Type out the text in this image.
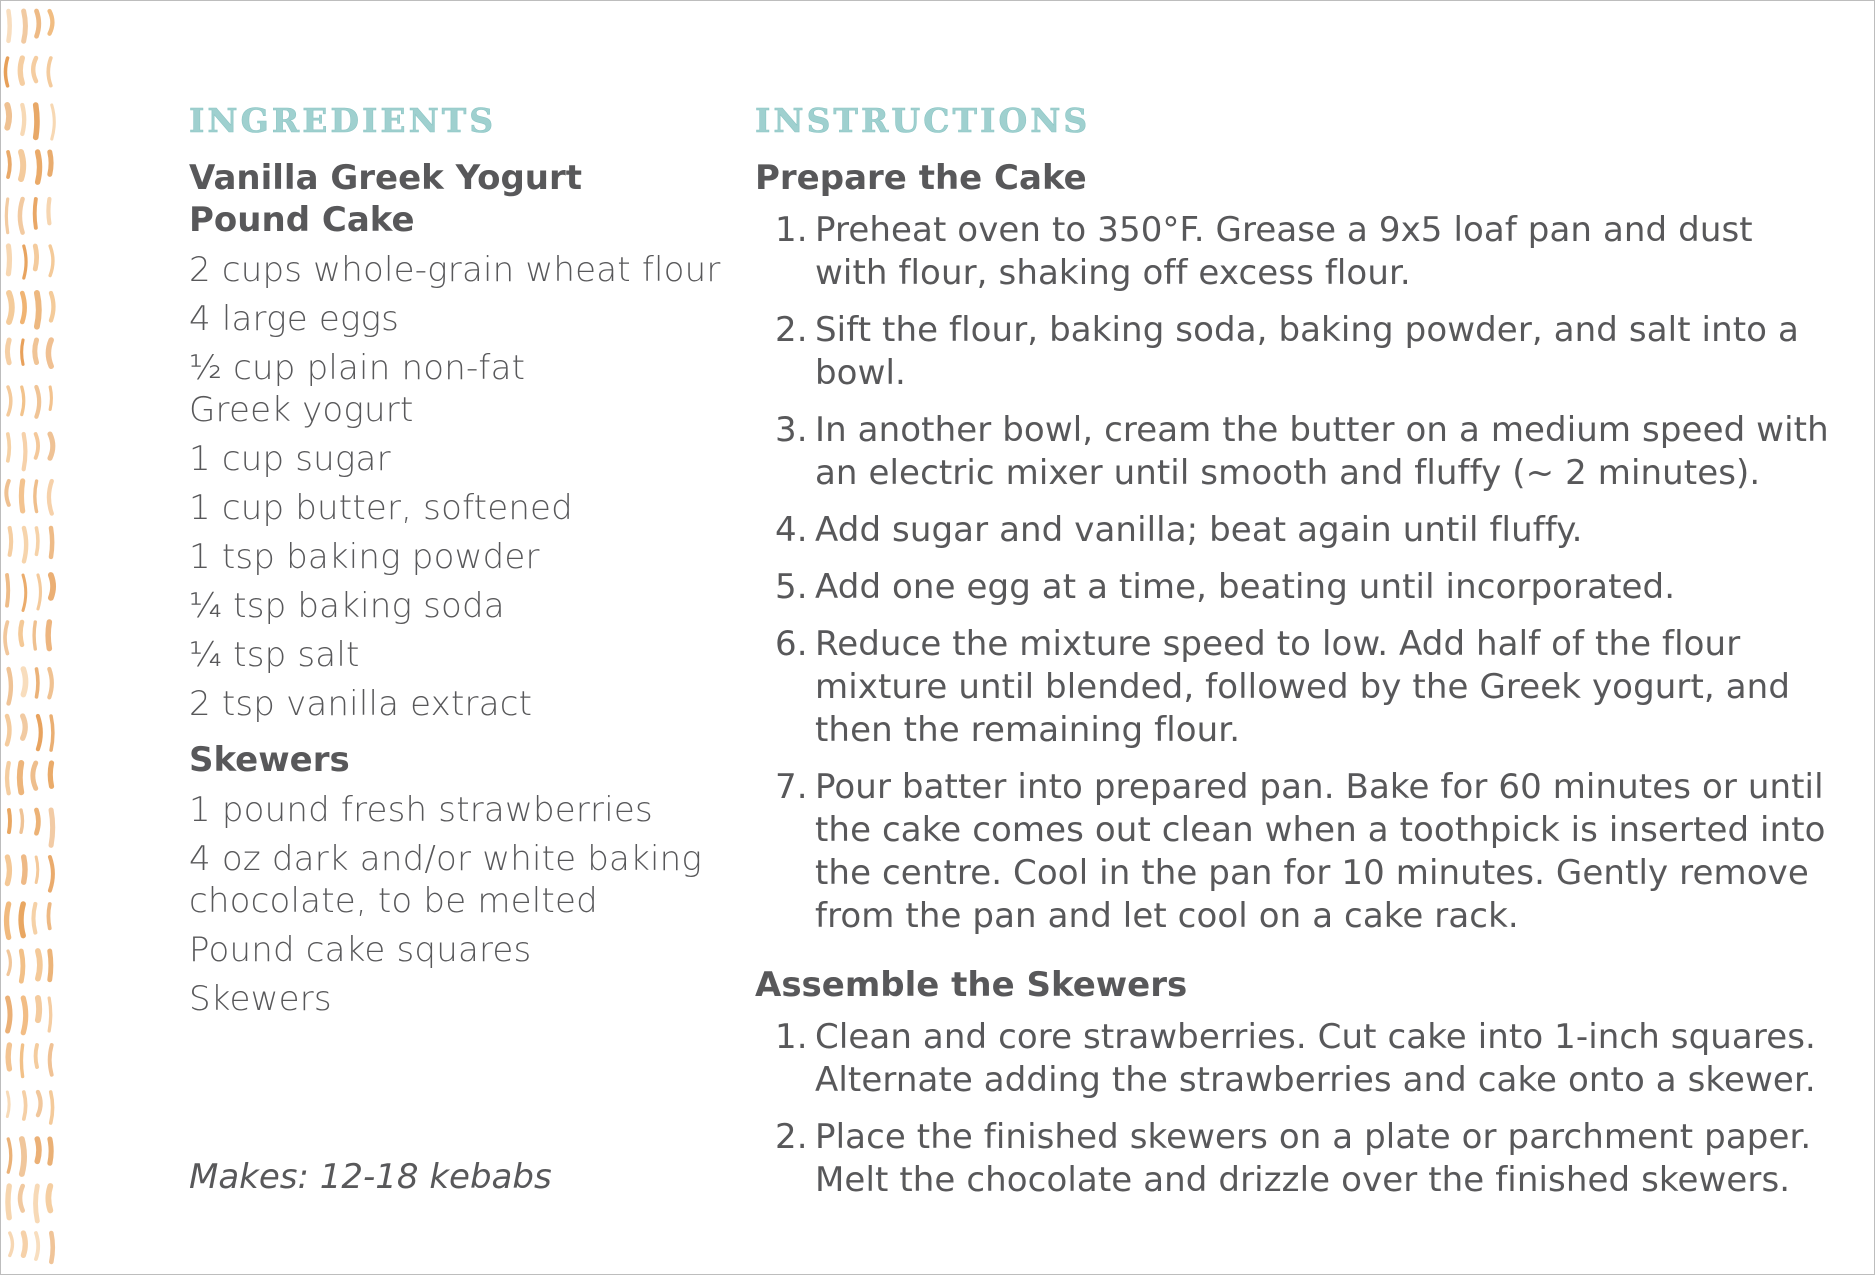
INGREDIENTS

Vanilla Greek Yogurt
Pound Cake

2 cups whole-grain wheat flour
4 large eggs
½ cup plain non-fat Greek yogurt
1 cup sugar
1 cup butter, softened
1 tsp baking powder
¼ tsp baking soda
¼ tsp salt
2 tsp vanilla extract

Skewers

1 pound fresh strawberries
4 oz dark and/or white baking chocolate, to be melted
Pound cake squares
Skewers
Makes: 12-18 kebabs
INSTRUCTIONS

Prepare the Cake

1. Preheat oven to 350°F. Grease a 9x5 loaf pan and dust with flour, shaking off excess flour.
2. Sift the flour, baking soda, baking powder, and salt into a bowl.
3. In another bowl, cream the butter on a medium speed with an electric mixer until smooth and fluffy (~ 2 minutes).
4. Add sugar and vanilla; beat again until fluffy.
5. Add one egg at a time, beating until incorporated.
6. Reduce the mixture speed to low. Add half of the flour mixture until blended, followed by the Greek yogurt, and then the remaining flour.
7. Pour batter into prepared pan. Bake for 60 minutes or until the cake comes out clean when a toothpick is inserted into the centre. Cool in the pan for 10 minutes. Gently remove from the pan and let cool on a cake rack.

Assemble the Skewers

1. Clean and core strawberries. Cut cake into 1-inch squares. Alternate adding the strawberries and cake onto a skewer.
2. Place the finished skewers on a plate or parchment paper. Melt the chocolate and drizzle over the finished skewers.
